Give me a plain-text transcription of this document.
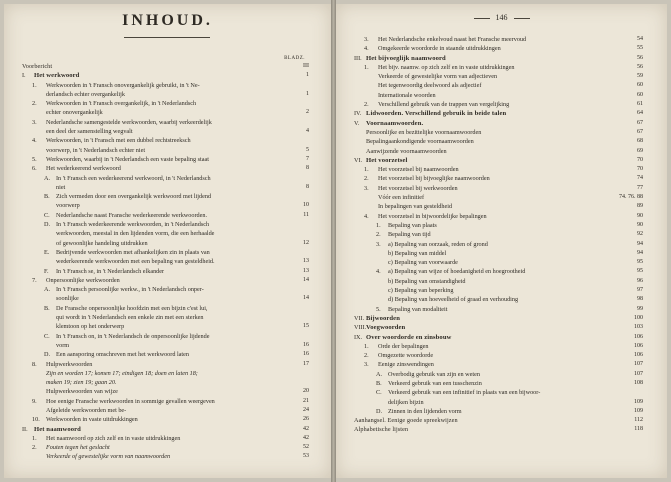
INHOUD.
BLADZ.
Voorbericht	III
I. Het werkwoord	1
1. Werkwoorden in 't Fransch onovergankelijk gebruikt, in 't Ne-
derlandsch echter overgankelijk	1
2. Werkwoorden in 't Fransch overgankelijk, in 't Nederlandsch
echter onovergankelijk	2
3. Nederlandsche samengestelde werkwoorden, waarbij verkeerdelijk
een deel der samenstelling wegvalt	4
4. Werkwoorden, in 't Fransch met een dubbel rechtstreeksch
voorwerp, in 't Nederlandsch echter niet	5
5. Werkwoorden, waarbij in 't Nederlandsch een vaste bepaling staat	7
6. Het wederkeerend werkwoord	8
A. In 't Fransch een wederkeerend werkwoord, in 't Nederlandsch
niet	8
B. Zich vermeden door een overgankelijk werkwoord met lijdend
voorwerp	10
C. Nederlandsche naast Fransche wederkeerende werkwoorden.	11
D. In 't Fransch wederkeerende werkwoorden, in 't Nederlandsch
werkwoorden, meestal in den lijdenden vorm, die een herhaalde
of gewoonlijke handeling uitdrukken	12
E. Bedrijvende werkwoorden met afhankelijken zin in plaats van
wederkeerende werkwoorden met een bepaling van gesteldheid.	13
F. In 't Fransch se, in 't Nederlandsch elkander	13
7. Onpersoonlijke werkwoorden	14
A. In 't Fransch persoonlijke werkw., in 't Nederlandsch onper-
soonlijke	14
B. De Fransche onpersoonlijke hoofdzin met een bijzin c'est lui,
qui wordt in 't Nederlandsch een enkele zin met een sterken
klemtoon op het onderwerp	15
C. In 't Fransch on, in 't Nederlandsch de onpersoonlijke lijdende
vorm	16
D. Een aansporing omschreven met het werkwoord laten	16
8. Hulpwerkwoorden	17
Zijn en worden 17; komen 17; eindigen 18; doen en laten 18;
maken 19; zien 19; gaan 20.
Hulpwerkwoorden van wijze	20
9. Hoe eenige Fransche werkwoorden in sommige gevallen weergeven	21
Afgeleide werkwoorden met be-	24
10. Werkwoorden in vaste uitdrukkingen	26
II. Het naamwoord	42
1. Het naamwoord op zich zelf en in vaste uitdrukkingen	42
2. Fouten tegen het geslacht	52
Verkeerde of gewestelijke vorm van naamwoorden	53
146
3. Het Nederlandsche enkelvoud naast het Fransche meervoud	54
4. Omgekeerde woordorde in staande uitdrukkingen	55
III. Het bijvoeglijk naamwoord	56
1. Het bijv. naamw. op zich zelf en in vaste uitdrukkingen	56
Verkeerde of gewestelijke vorm van adjectieven	59
Het tegenwoordig deelwoord als adjectief	60
Internationale woorden	60
2. Verschillend gebruik van de trappen van vergelijking	61
IV. Lidwoorden. Verschillend gebruik in beide talen	64
V. Voornaamwoorden.	67
Persoonlijke en bezittelijke voornaamwoorden	67
Bepalingaankondigende voornaamwoorden	68
Aanwijzende voornaamwoorden	69
VI. Het voorzetsel	70
1. Het voorzetsel bij naamwoorden	70
2. Het voorzetsel bij bijvoeglijke naamwoorden	74
3. Het voorzetsel bij werkwoorden	77
Vóór een infinitief	74. 76. 88
In bepalingen van gesteldheid	89
4. Het voorzetsel in bijwoordelijke bepalingen	90
1. Bepaling van plaats	90
2. Bepaling van tijd	92
3. a) Bepaling van oorzaak, reden of grond	94
b) Bepaling van middel	94
c) Bepaling van voorwaarde	95
4. a) Bepaling van wijze of hoedanigheid en hoegrootheid	95
b) Bepaling van omstandigheid	96
c) Bepaling van beperking	97
d) Bepaling van hoeveelheid of graad en verhouding	98
5. Bepaling van modaliteit	99
VII. Bijwoorden	100
VIII. Voegwoorden	103
IX. Over woordorde en zinsbouw	106
1. Orde der bepalingen	106
2. Omgezette woordorde	106
3. Eenige zinswendingen	107
A. Overbodig gebruik van zijn en weten	107
B. Verkeerd gebruik van een tusschenzin	108
C. Verkeerd gebruik van een infinitief in plaats van een bijwoor-
delijken bijzin	109
D. Zinnen in den lijdenden vorm	109
Aanhangsel. Eenige goede spreekwijzen	112
Alphabetische lijsten	118
